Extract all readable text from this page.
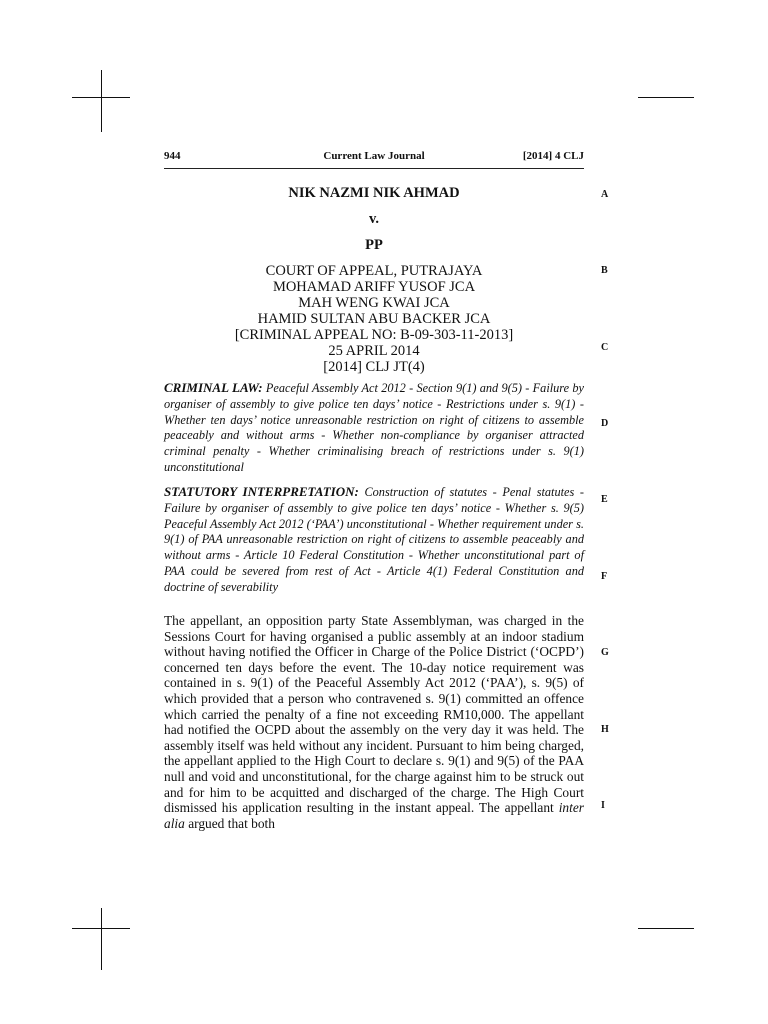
944	Current Law Journal	[2014] 4 CLJ
NIK NAZMI NIK AHMAD
v.
PP
COURT OF APPEAL, PUTRAJAYA
MOHAMAD ARIFF YUSOF JCA
MAH WENG KWAI JCA
HAMID SULTAN ABU BACKER JCA
[CRIMINAL APPEAL NO: B-09-303-11-2013]
25 APRIL 2014
[2014] CLJ JT(4)
CRIMINAL LAW: Peaceful Assembly Act 2012 - Section 9(1) and 9(5) - Failure by organiser of assembly to give police ten days’ notice - Restrictions under s. 9(1) - Whether ten days’ notice unreasonable restriction on right of citizens to assemble peaceably and without arms - Whether non-compliance by organiser attracted criminal penalty - Whether criminalising breach of restrictions under s. 9(1) unconstitutional
STATUTORY INTERPRETATION: Construction of statutes - Penal statutes - Failure by organiser of assembly to give police ten days’ notice - Whether s. 9(5) Peaceful Assembly Act 2012 (‘PAA’) unconstitutional - Whether requirement under s. 9(1) of PAA unreasonable restriction on right of citizens to assemble peaceably and without arms - Article 10 Federal Constitution - Whether unconstitutional part of PAA could be severed from rest of Act - Article 4(1) Federal Constitution and doctrine of severability
The appellant, an opposition party State Assemblyman, was charged in the Sessions Court for having organised a public assembly at an indoor stadium without having notified the Officer in Charge of the Police District (‘OCPD’) concerned ten days before the event. The 10-day notice requirement was contained in s. 9(1) of the Peaceful Assembly Act 2012 (‘PAA’), s. 9(5) of which provided that a person who contravened s. 9(1) committed an offence which carried the penalty of a fine not exceeding RM10,000. The appellant had notified the OCPD about the assembly on the very day it was held. The assembly itself was held without any incident. Pursuant to him being charged, the appellant applied to the High Court to declare s. 9(1) and 9(5) of the PAA null and void and unconstitutional, for the charge against him to be struck out and for him to be acquitted and discharged of the charge. The High Court dismissed his application resulting in the instant appeal. The appellant inter alia argued that both
A
B
C
D
E
F
G
H
I
